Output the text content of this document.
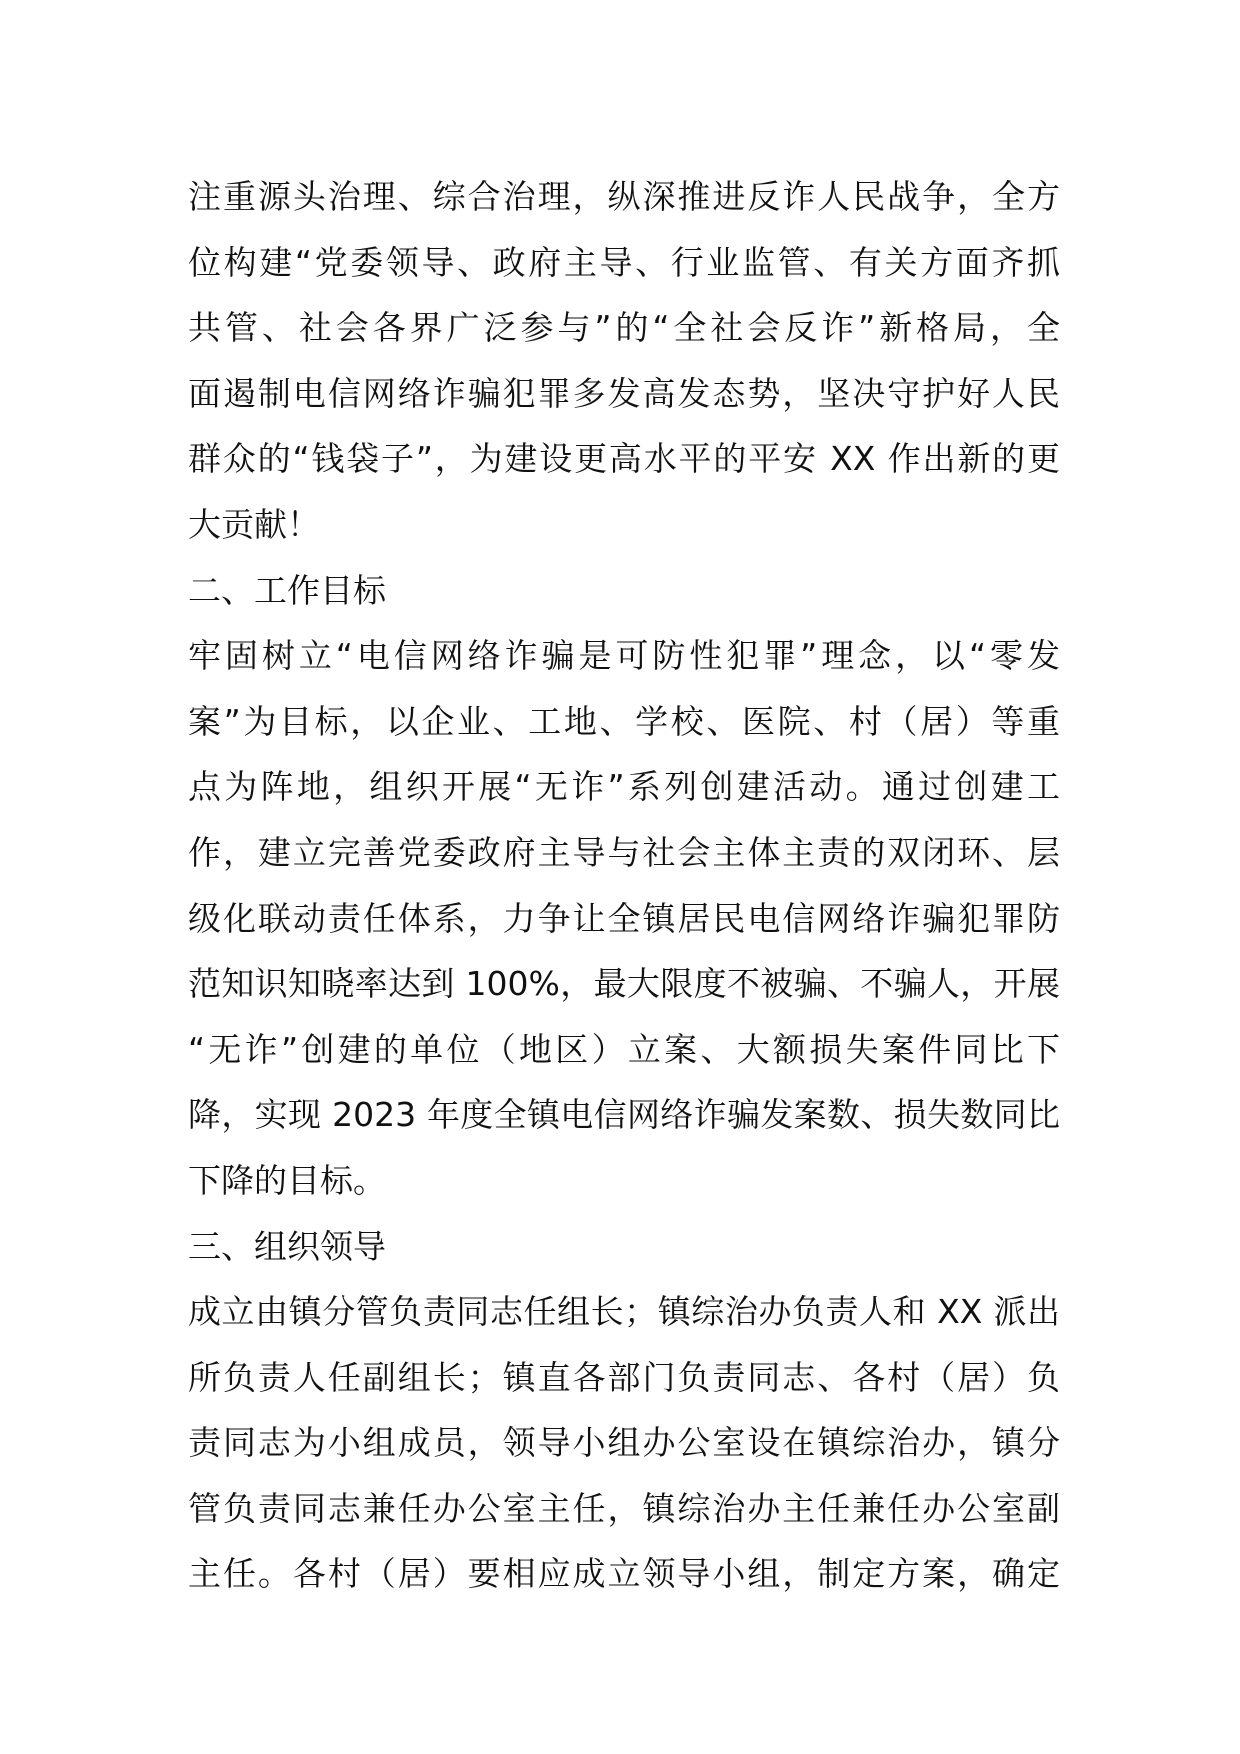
注重源头治理、综合治理，纵深推进反诈人民战争，全方
位构建“党委领导、政府主导、行业监管、有关方面齐抓
共管、社会各界广泛参与”的“全社会反诈”新格局，全
面遏制电信网络诈骗犯罪多发高发态势，坚决守护好人民
群众的“钱袋子”，为建设更高水平的平安 XX 作出新的更
大贡献！
二、工作目标
牢固树立“电信网络诈骗是可防性犯罪”理念，以“零发
案”为目标，以企业、工地、学校、医院、村（居）等重
点为阵地，组织开展“无诈”系列创建活动。通过创建工
作，建立完善党委政府主导与社会主体主责的双闭环、层
级化联动责任体系，力争让全镇居民电信网络诈骗犯罪防
范知识知晓率达到 100%，最大限度不被骗、不骗人，开展
“无诈”创建的单位（地区）立案、大额损失案件同比下
降，实现 2023 年度全镇电信网络诈骗发案数、损失数同比
下降的目标。
三、组织领导
成立由镇分管负责同志任组长；镇综治办负责人和 XX 派出
所负责人任副组长；镇直各部门负责同志、各村（居）负
责同志为小组成员，领导小组办公室设在镇综治办，镇分
管负责同志兼任办公室主任，镇综治办主任兼任办公室副
主任。各村（居）要相应成立领导小组，制定方案，确定
